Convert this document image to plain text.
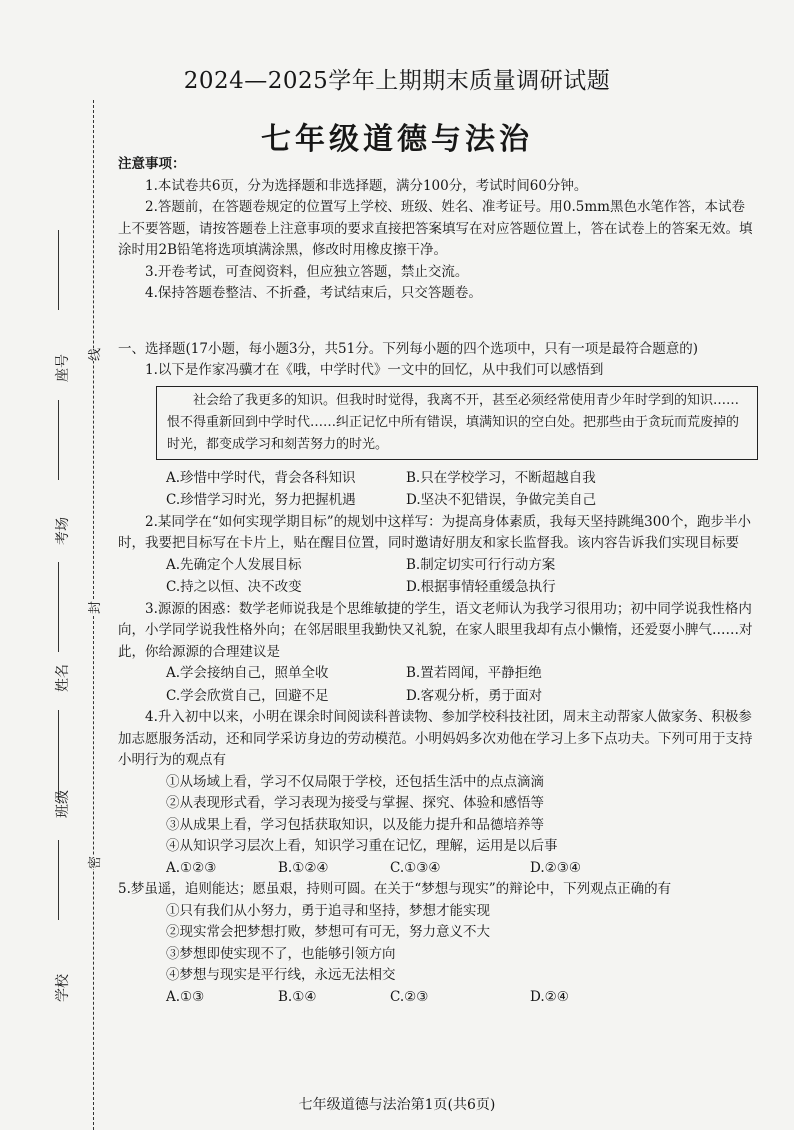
2024—2025学年上期期末质量调研试题
七年级道德与法治
座号
考场
姓名
班级
学校
线
封
密
注意事项：

1.本试卷共6页，分为选择题和非选择题，满分100分，考试时间60分钟。

2.答题前，在答题卷规定的位置写上学校、班级、姓名、准考证号。用0.5mm黑色水笔作答，本试卷上不要答题，请按答题卷上注意事项的要求直接把答案填写在对应答题位置上，答在试卷上的答案无效。填涂时用2B铅笔将选项填满涂黑，修改时用橡皮擦干净。

3.开卷考试，可查阅资料，但应独立答题，禁止交流。

4.保持答题卷整洁、不折叠，考试结束后，只交答题卷。

一、选择题(17小题，每小题3分，共51分。下列每小题的四个选项中，只有一项是最符合题意的)

1.以下是作家冯骥才在《哦，中学时代》一文中的回忆，从中我们可以感悟到

社会给了我更多的知识。但我时时觉得，我离不开，甚至必须经常使用青少年时学到的知识……恨不得重新回到中学时代……纠正记忆中所有错误，填满知识的空白处。把那些由于贪玩而荒废掉的时光，都变成学习和刻苦努力的时光。
A.珍惜中学时代，背会各科知识	B.只在学校学习，不断超越自我
C.珍惜学习时光，努力把握机遇	D.坚决不犯错误，争做完美自己

2.某同学在“如何实现学期目标”的规划中这样写：为提高身体素质，我每天坚持跳绳300个，跑步半小时，我要把目标写在卡片上，贴在醒目位置，同时邀请好朋友和家长监督我。该内容告诉我们实现目标要

A.先确定个人发展目标	B.制定切实可行行动方案
C.持之以恒、决不改变	D.根据事情轻重缓急执行

3.源源的困惑：数学老师说我是个思维敏捷的学生，语文老师认为我学习很用功；初中同学说我性格内向，小学同学说我性格外向；在邻居眼里我勤快又礼貌，在家人眼里我却有点小懒惰，还爱耍小脾气……对此，你给源源的合理建议是

A.学会接纳自己，照单全收	B.置若罔闻，平静拒绝
C.学会欣赏自己，回避不足	D.客观分析，勇于面对

4.升入初中以来，小明在课余时间阅读科普读物、参加学校科技社团，周末主动帮家人做家务、积极参加志愿服务活动，还和同学采访身边的劳动模范。小明妈妈多次劝他在学习上多下点功夫。下列可用于支持小明行为的观点有

①从场域上看，学习不仅局限于学校，还包括生活中的点点滴滴
②从表现形式看，学习表现为接受与掌握、探究、体验和感悟等
③从成果上看，学习包括获取知识，以及能力提升和品德培养等
④从知识学习层次上看，知识学习重在记忆，理解，运用是以后事
A.①②③	B.①②④	C.①③④	D.②③④

5.梦虽遥，追则能达；愿虽艰，持则可圆。在关于“梦想与现实”的辩论中，下列观点正确的有

①只有我们从小努力，勇于追寻和坚持，梦想才能实现
②现实常会把梦想打败，梦想可有可无，努力意义不大
③梦想即使实现不了，也能够引领方向
④梦想与现实是平行线，永远无法相交
A.①③	B.①④	C.②③	D.②④
七年级道德与法治第1页(共6页)
